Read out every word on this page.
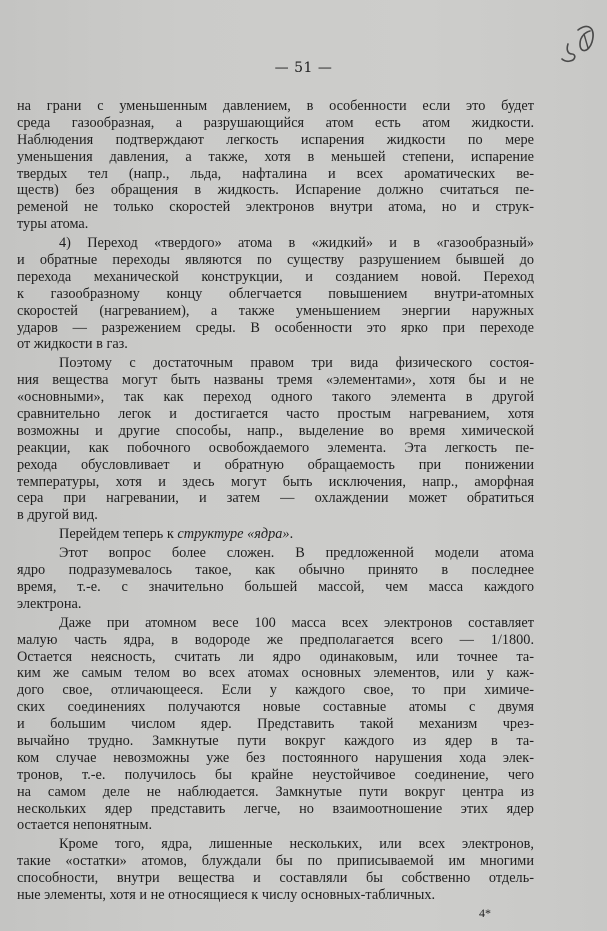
— 51 —
на грани с уменьшенным давлением, в особенности если это будет
среда газообразная, а разрушающийся атом есть атом жидкости.
Наблюдения подтверждают легкость испарения жидкости по мере
уменьшения давления, а также, хотя в меньшей степени, испарение
твердых тел (напр., льда, нафталина и всех ароматических ве-
ществ) без обращения в жидкость. Испарение должно считаться пе-
ременой не только скоростей электронов внутри атома, но и струк-
туры атома.
4) Переход «твердого» атома в «жидкий» и в «газообразный»
и обратные переходы являются по существу разрушением бывшей до
перехода механической конструкции, и созданием новой. Переход
к газообразному концу облегчается повышением внутри-атомных
скоростей (нагреванием), а также уменьшением энергии наружных
ударов — разрежением среды. В особенности это ярко при переходе
от жидкости в газ.
Поэтому с достаточным правом три вида физического состоя-
ния вещества могут быть названы тремя «элементами», хотя бы и не
«основными», так как переход одного такого элемента в другой
сравнительно легок и достигается часто простым нагреванием, хотя
возможны и другие способы, напр., выделение во время химической
реакции, как побочного освобождаемого элемента. Эта легкость пе-
рехода обусловливает и обратную обращаемость при понижении
температуры, хотя и здесь могут быть исключения, напр., аморфная
сера при нагревании, и затем — охлаждении может обратиться
в другой вид.
Перейдем теперь к структуре «ядра».
Этот вопрос более сложен. В предложенной модели атома
ядро подразумевалось такое, как обычно принято в последнее
время, т.-е. с значительно большей массой, чем масса каждого
электрона.
Даже при атомном весе 100 масса всех электронов составляет
малую часть ядра, в водороде же предполагается всего — 1/1800.
Остается неясность, считать ли ядро одинаковым, или точнее та-
ким же самым телом во всех атомах основных элементов, или у каж-
дого свое, отличающееся. Если у каждого свое, то при химиче-
ских соединениях получаются новые составные атомы с двумя
и большим числом ядер. Представить такой механизм чрез-
вычайно трудно. Замкнутые пути вокруг каждого из ядер в та-
ком случае невозможны уже без постоянного нарушения хода элек-
тронов, т.-е. получилось бы крайне неустойчивое соединение, чего
на самом деле не наблюдается. Замкнутые пути вокруг центра из
нескольких ядер представить легче, но взаимоотношение этих ядер
остается непонятным.
Кроме того, ядра, лишенные нескольких, или всех электронов,
такие «остатки» атомов, блуждали бы по приписываемой им многими
способности, внутри вещества и составляли бы собственно отдель-
ные элементы, хотя и не относящиеся к числу основных-табличных.
4*
